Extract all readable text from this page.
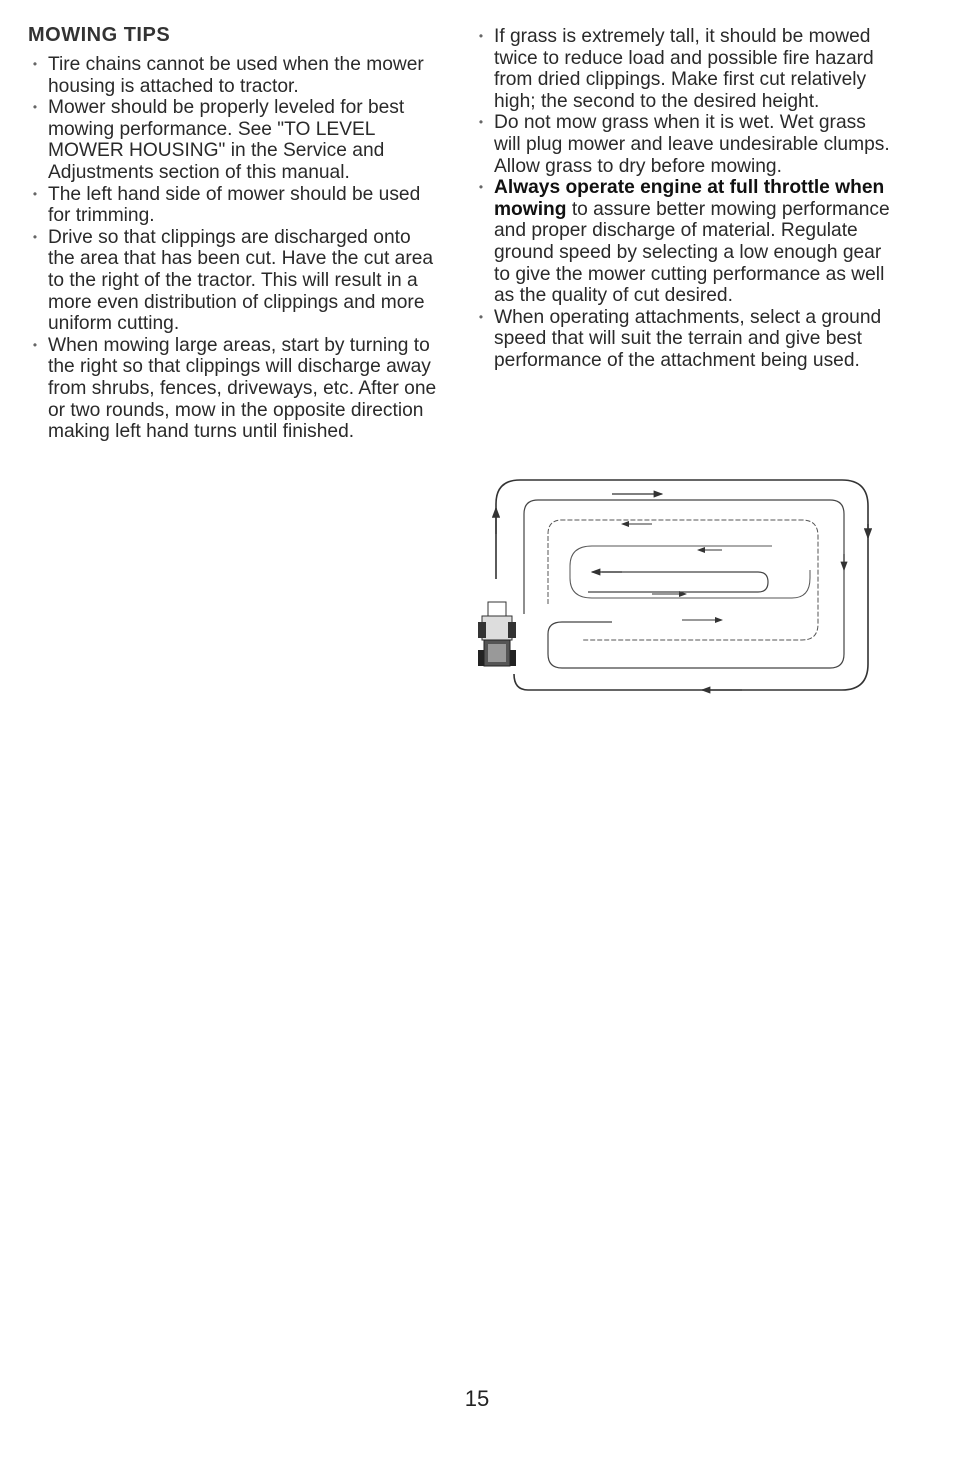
MOWING TIPS
• Tire chains cannot be used when the mower housing is attached to tractor.
• Mower should be properly leveled for best mowing performance. See "TO LEVEL MOWER HOUSING" in the Service and Adjustments section of this manual.
• The left hand side of mower should be used for trimming.
• Drive so that clippings are discharged onto the area that has been cut. Have the cut area to the right of the tractor. This will result in a more even distribution of clippings and more uniform cutting.
• When mowing large areas, start by turning to the right so that clippings will discharge away from shrubs, fences, driveways, etc. After one or two rounds, mow in the opposite direction making left hand turns until finished.
• If grass is extremely tall, it should be mowed twice to reduce load and possible fire hazard from dried clippings. Make first cut relatively high; the second to the desired height.
• Do not mow grass when it is wet. Wet grass will plug mower and leave undesirable clumps. Allow grass to dry before mowing.
• Always operate engine at full throttle when mowing to assure better mowing performance and proper discharge of material. Regulate ground speed by selecting a low enough gear to give the mower cutting performance as well as the quality of cut desired.
• When operating attachments, select a ground speed that will suit the terrain and give best performance of the attachment being used.
15
